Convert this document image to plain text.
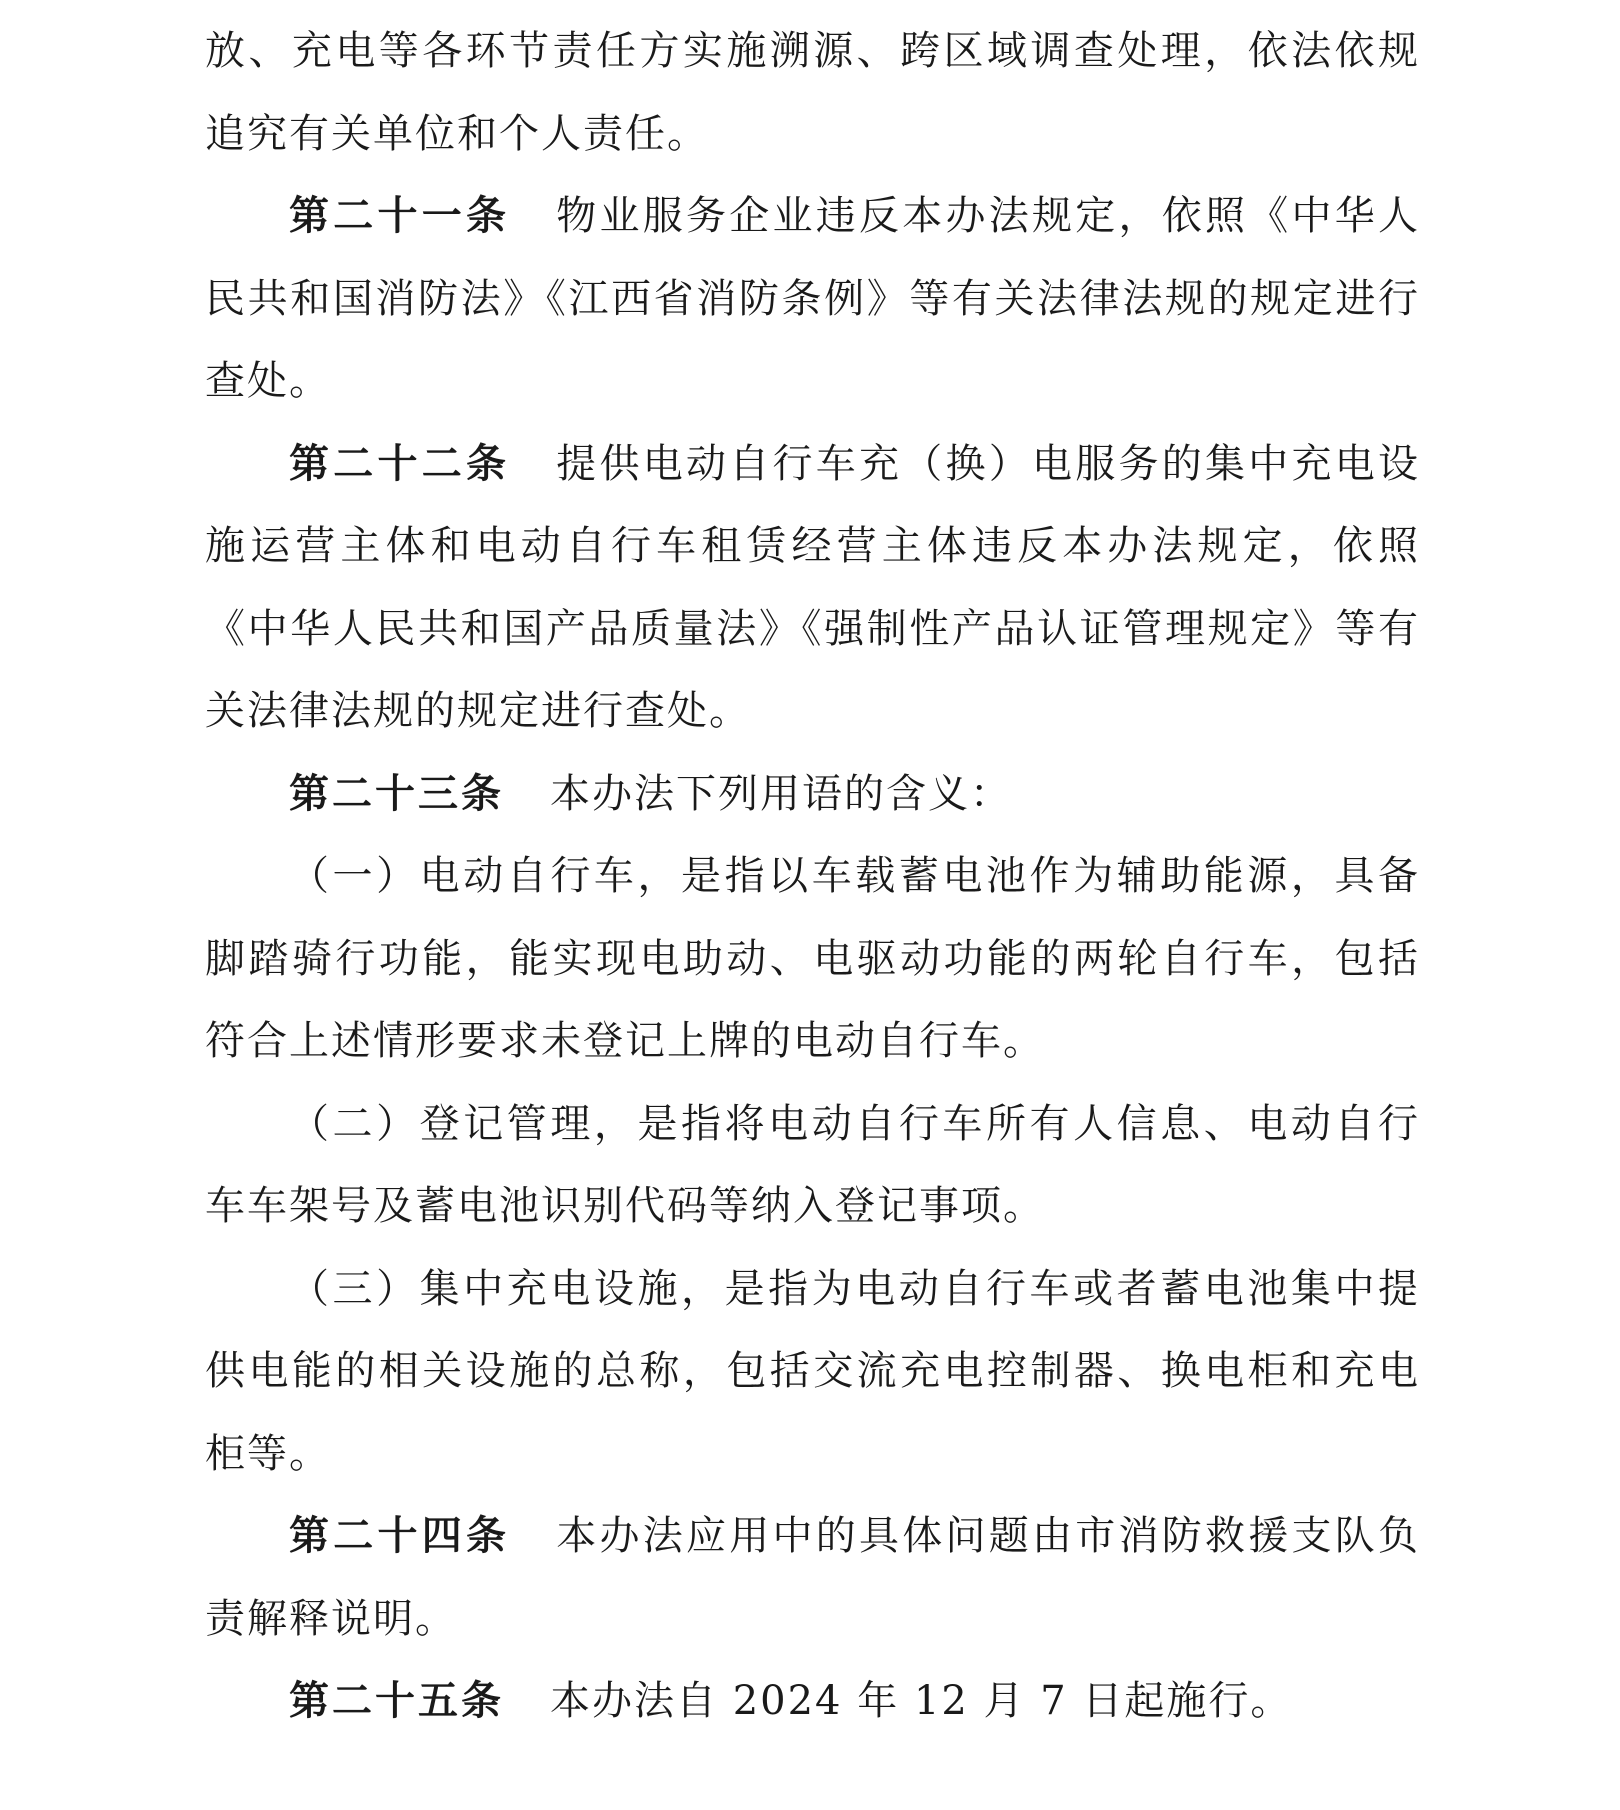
放、充电等各环节责任方实施溯源、跨区域调查处理，依法依规追究有关单位和个人责任。

第二十一条 物业服务企业违反本办法规定，依照《中华人民共和国消防法》《江西省消防条例》等有关法律法规的规定进行查处。

第二十二条 提供电动自行车充（换）电服务的集中充电设施运营主体和电动自行车租赁经营主体违反本办法规定，依照《中华人民共和国产品质量法》《强制性产品认证管理规定》等有关法律法规的规定进行查处。

第二十三条 本办法下列用语的含义：

（一）电动自行车，是指以车载蓄电池作为辅助能源，具备脚踏骑行功能，能实现电助动、电驱动功能的两轮自行车，包括符合上述情形要求未登记上牌的电动自行车。

（二）登记管理，是指将电动自行车所有人信息、电动自行车车架号及蓄电池识别代码等纳入登记事项。

（三）集中充电设施，是指为电动自行车或者蓄电池集中提供电能的相关设施的总称，包括交流充电控制器、换电柜和充电柜等。

第二十四条 本办法应用中的具体问题由市消防救援支队负责解释说明。

第二十五条 本办法自 2024 年 12 月 7 日起施行。
